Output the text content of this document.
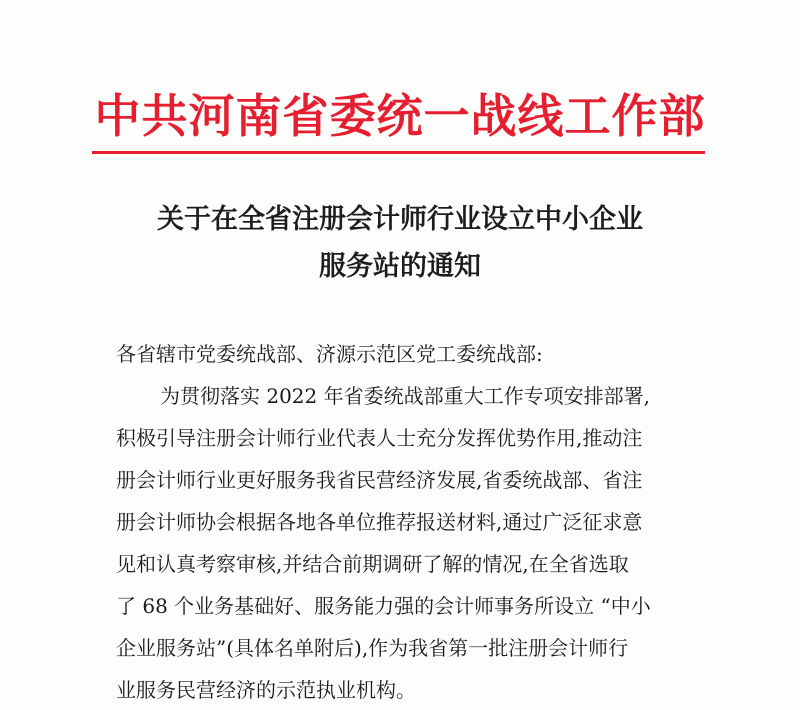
中共河南省委统一战线工作部
关于在全省注册会计师行业设立中小企业
服务站的通知
各省辖市党委统战部、济源示范区党工委统战部:
为贯彻落实 2022 年省委统战部重大工作专项安排部署,
积极引导注册会计师行业代表人士充分发挥优势作用,推动注
册会计师行业更好服务我省民营经济发展,省委统战部、省注
册会计师协会根据各地各单位推荐报送材料,通过广泛征求意
见和认真考察审核,并结合前期调研了解的情况,在全省选取
了 68 个业务基础好、服务能力强的会计师事务所设立 “中小
企业服务站”(具体名单附后),作为我省第一批注册会计师行
业服务民营经济的示范执业机构。
